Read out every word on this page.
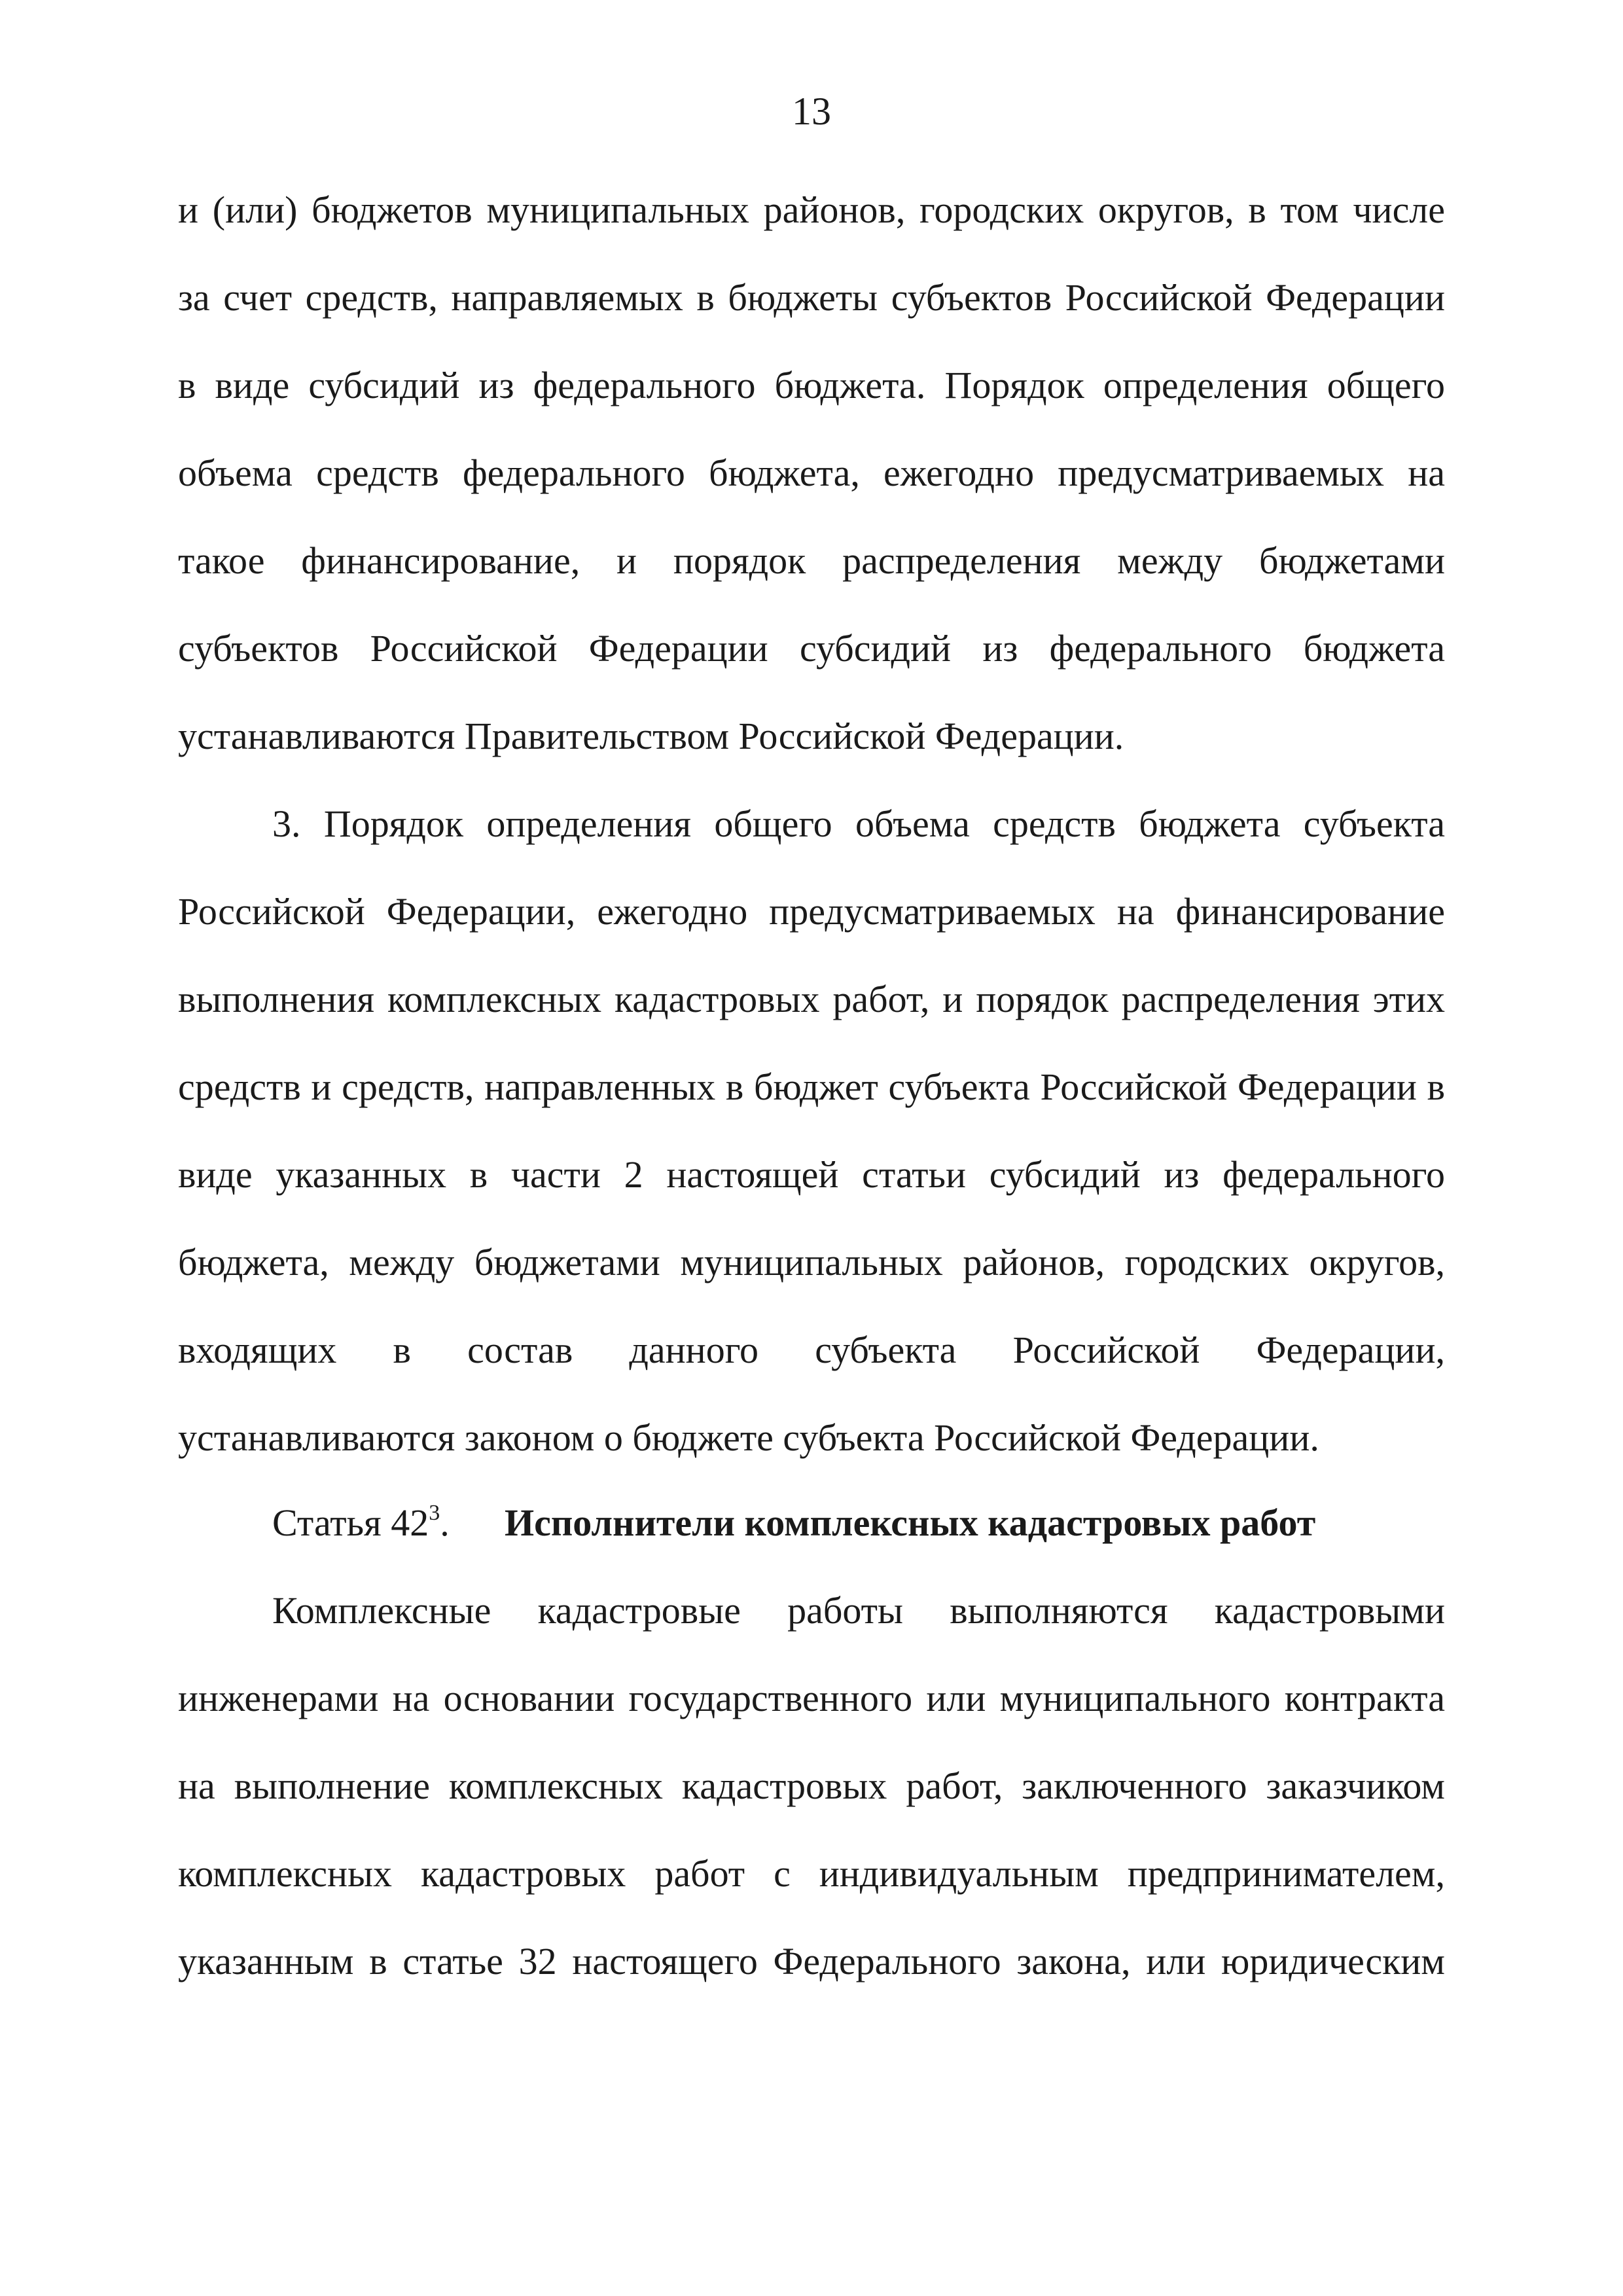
13
и (или) бюджетов муниципальных районов, городских округов, в том числе
за счет средств, направляемых в бюджеты субъектов Российской Федерации
в виде субсидий из федерального бюджета. Порядок определения общего
объема средств федерального бюджета, ежегодно предусматриваемых на
такое финансирование, и порядок распределения между бюджетами
субъектов Российской Федерации субсидий из федерального бюджета
устанавливаются Правительством Российской Федерации.
3. Порядок определения общего объема средств бюджета субъекта
Российской Федерации, ежегодно предусматриваемых на финансирование
выполнения комплексных кадастровых работ, и порядок распределения этих
средств и средств, направленных в бюджет субъекта Российской Федерации в
виде указанных в части 2 настоящей статьи субсидий из федерального
бюджета, между бюджетами муниципальных районов, городских округов,
входящих в состав данного субъекта Российской Федерации,
устанавливаются законом о бюджете субъекта Российской Федерации.
Статья $42^3$. Исполнители комплексных кадастровых работ
Комплексные кадастровые работы выполняются кадастровыми
инженерами на основании государственного или муниципального контракта
на выполнение комплексных кадастровых работ, заключенного заказчиком
комплексных кадастровых работ с индивидуальным предпринимателем,
указанным в статье 32 настоящего Федерального закона, или юридическим
